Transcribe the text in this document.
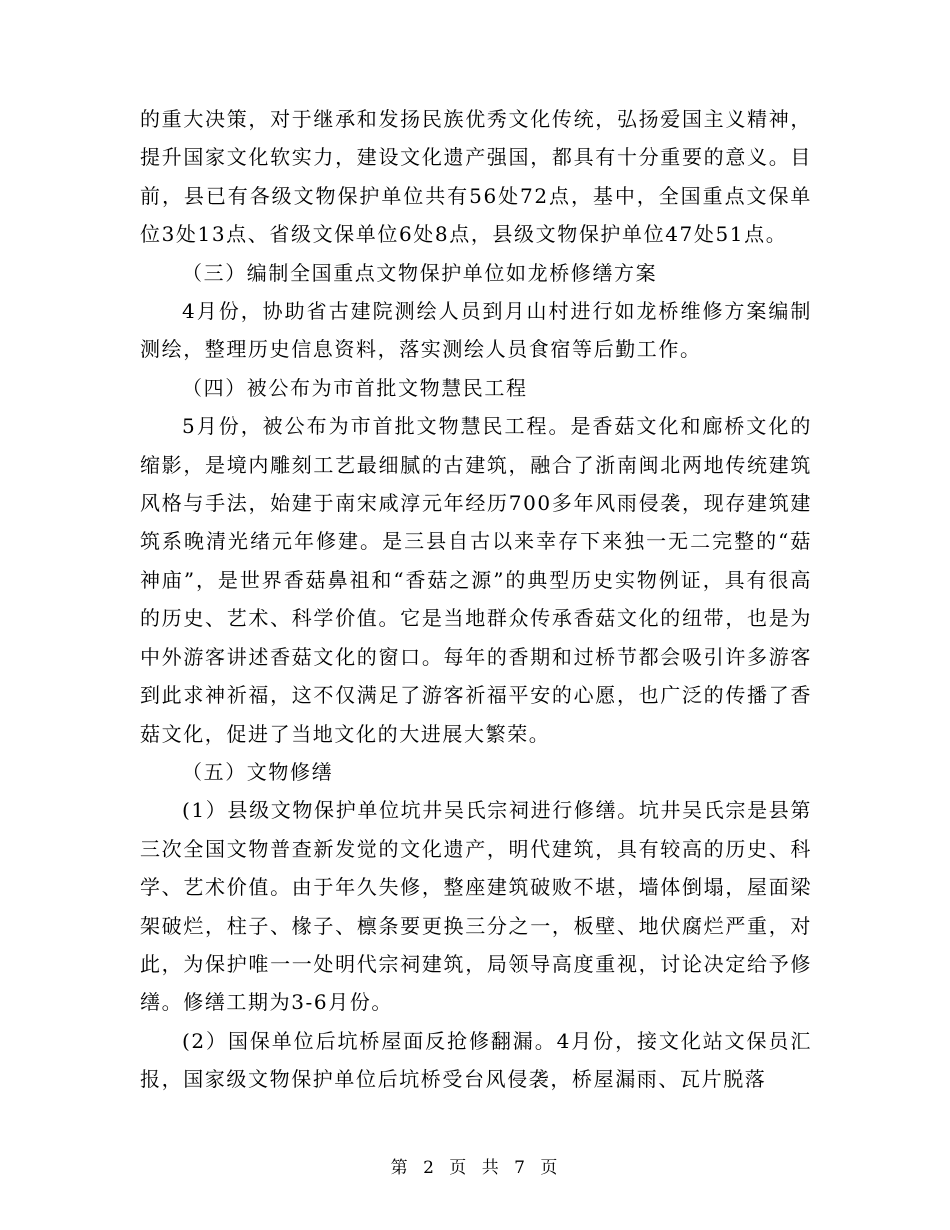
的重大决策，对于继承和发扬民族优秀文化传统，弘扬爱国主义精神，提升国家文化软实力，建设文化遗产强国，都具有十分重要的意义。目前，县已有各级文物保护单位共有56处72点，基中，全国重点文保单位3处13点、省级文保单位6处8点，县级文物保护单位47处51点。

（三）编制全国重点文物保护单位如龙桥修缮方案

4月份，协助省古建院测绘人员到月山村进行如龙桥维修方案编制测绘，整理历史信息资料，落实测绘人员食宿等后勤工作。

（四）被公布为市首批文物慧民工程

5月份，被公布为市首批文物慧民工程。是香菇文化和廊桥文化的缩影，是境内雕刻工艺最细腻的古建筑，融合了浙南闽北两地传统建筑风格与手法，始建于南宋咸淳元年经历700多年风雨侵袭，现存建筑建筑系晚清光绪元年修建。是三县自古以来幸存下来独一无二完整的“菇神庙”，是世界香菇鼻祖和“香菇之源”的典型历史实物例证，具有很高的历史、艺术、科学价值。它是当地群众传承香菇文化的纽带，也是为中外游客讲述香菇文化的窗口。每年的香期和过桥节都会吸引许多游客到此求神祈福，这不仅满足了游客祈福平安的心愿，也广泛的传播了香菇文化，促进了当地文化的大进展大繁荣。

（五）文物修缮

(1）县级文物保护单位坑井吴氏宗祠进行修缮。坑井吴氏宗是县第三次全国文物普查新发觉的文化遗产，明代建筑，具有较高的历史、科学、艺术价值。由于年久失修，整座建筑破败不堪，墙体倒塌，屋面梁架破烂，柱子、椽子、檩条要更换三分之一，板壁、地伏腐烂严重，对此，为保护唯一一处明代宗祠建筑，局领导高度重视，讨论决定给予修缮。修缮工期为3-6月份。

(2）国保单位后坑桥屋面反抢修翻漏。4月份，接文化站文保员汇报，国家级文物保护单位后坑桥受台风侵袭，桥屋漏雨、瓦片脱落

第 2 页 共 7 页
